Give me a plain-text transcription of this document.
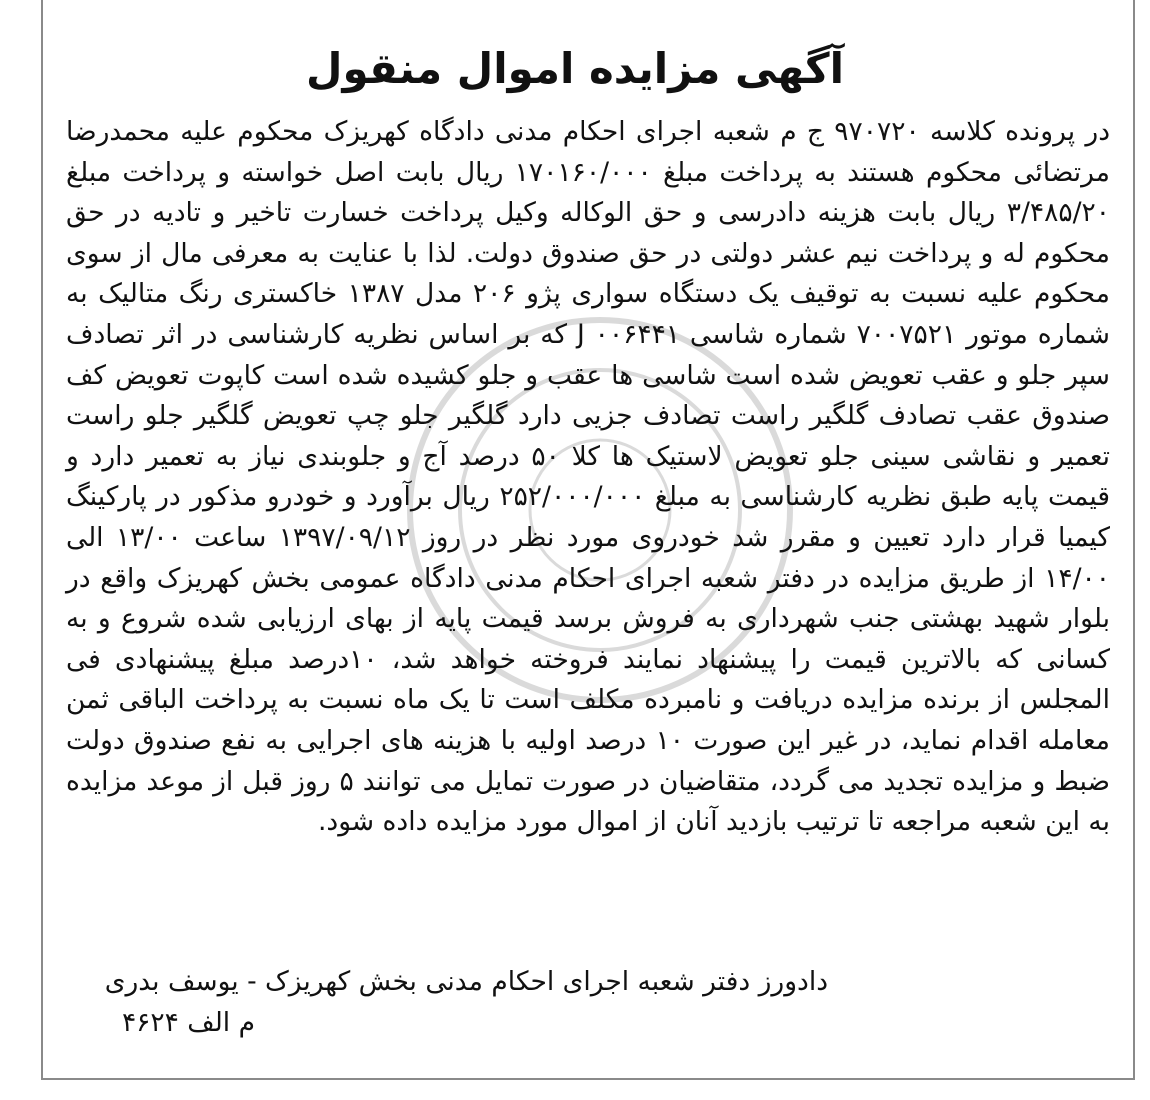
آگهی مزایده اموال منقول

در پرونده کلاسه ۹۷۰۷۲۰ ج م شعبه اجرای احکام مدنی دادگاه کهریزک محکوم علیه محمدرضا مرتضائی محکوم هستند به پرداخت مبلغ ۱۷۰۱۶۰/۰۰۰ ریال بابت اصل خواسته و پرداخت مبلغ ۳/۴۸۵/۲۰ ریال بابت هزینه دادرسی و حق الوکاله وکیل پرداخت خسارت تاخیر و تادیه در حق محکوم له و پرداخت نیم عشر دولتی در حق صندوق دولت. لذا با عنایت به معرفی مال از سوی محکوم علیه نسبت به توقیف یک دستگاه سواری پژو ۲۰۶ مدل ۱۳۸۷ خاکستری رنگ متالیک به شماره موتور ۷۰۰۷۵۲۱ شماره شاسی J ۰۰۶۴۴۱ که بر اساس نظریه کارشناسی در اثر تصادف سپر جلو و عقب تعویض شده است شاسی ها عقب و جلو کشیده شده است کاپوت تعویض کف صندوق عقب تصادف گلگیر راست تصادف جزیی دارد گلگیر جلو چپ تعویض گلگیر جلو راست تعمیر و نقاشی سینی جلو تعویض لاستیک ها کلا ۵۰ درصد آج و جلوبندی نیاز به تعمیر دارد و قیمت پایه طبق نظریه کارشناسی به مبلغ ۲۵۲/۰۰۰/۰۰۰ ریال برآورد و خودرو مذکور در پارکینگ کیمیا قرار دارد تعیین و مقرر شد خودروی مورد نظر در روز ۱۳۹۷/۰۹/۱۲ ساعت ۱۳/۰۰ الی ۱۴/۰۰ از طریق مزایده در دفتر شعبه اجرای احکام مدنی دادگاه عمومی بخش کهریزک واقع در بلوار شهید بهشتی جنب شهرداری به فروش برسد قیمت پایه از بهای ارزیابی شده شروع و به کسانی که بالاترین قیمت را پیشنهاد نمایند فروخته خواهد شد، ۱۰درصد مبلغ پیشنهادی فی المجلس از برنده مزایده دریافت و نامبرده مکلف است تا یک ماه نسبت به پرداخت الباقی ثمن معامله اقدام نماید، در غیر این صورت ۱۰ درصد اولیه با هزینه های اجرایی به نفع صندوق دولت ضبط و مزایده تجدید می گردد، متقاضیان در صورت تمایل می توانند ۵ روز قبل از موعد مزایده به این شعبه مراجعه تا ترتیب بازدید آنان از اموال مورد مزایده داده شود.

دادورز دفتر شعبه اجرای احکام مدنی بخش کهریزک - یوسف بدری
م الف ۴۶۲۴
